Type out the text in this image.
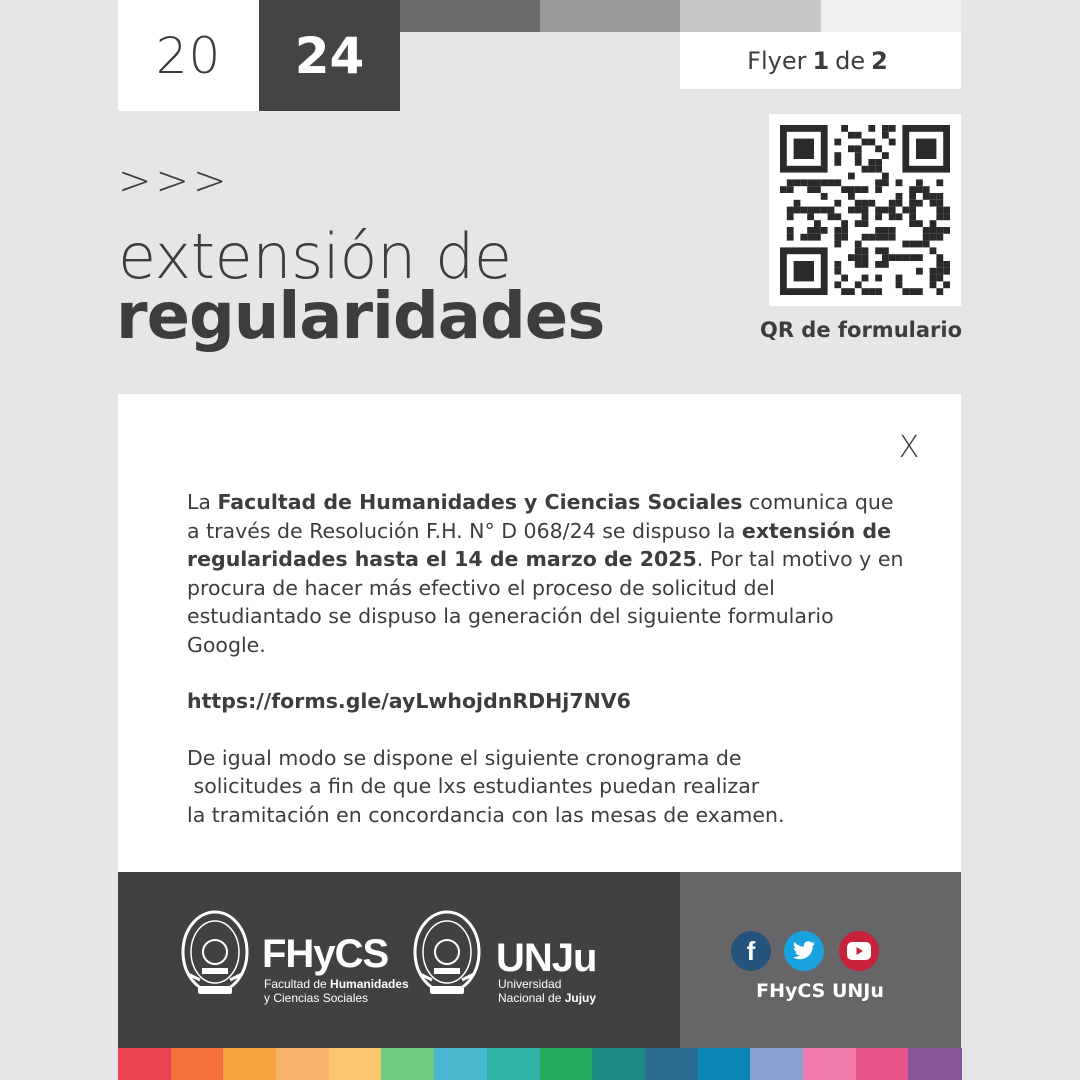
20	24	Flyer 1 de 2
>>>
extensión de
regularidades	QR de formulario
X

La Facultad de Humanidades y Ciencias Sociales comunica que a través de Resolución F.H. N° D 068/24 se dispuso la extensión de regularidades hasta el 14 de marzo de 2025. Por tal motivo y en procura de hacer más efectivo el proceso de solicitud del estudiantado se dispuso la generación del siguiente formulario Google.

https://forms.gle/ayLwhojdnRDHj7NV6

De igual modo se dispone el siguiente cronograma de
solicitudes a fin de que lxs estudiantes puedan realizar
la tramitación en concordancia con las mesas de examen.

FHyCS
Facultad de Humanidades
y Ciencias Sociales
UNJu
Universidad
Nacional de Jujuy
f
FHyCS UNJu
